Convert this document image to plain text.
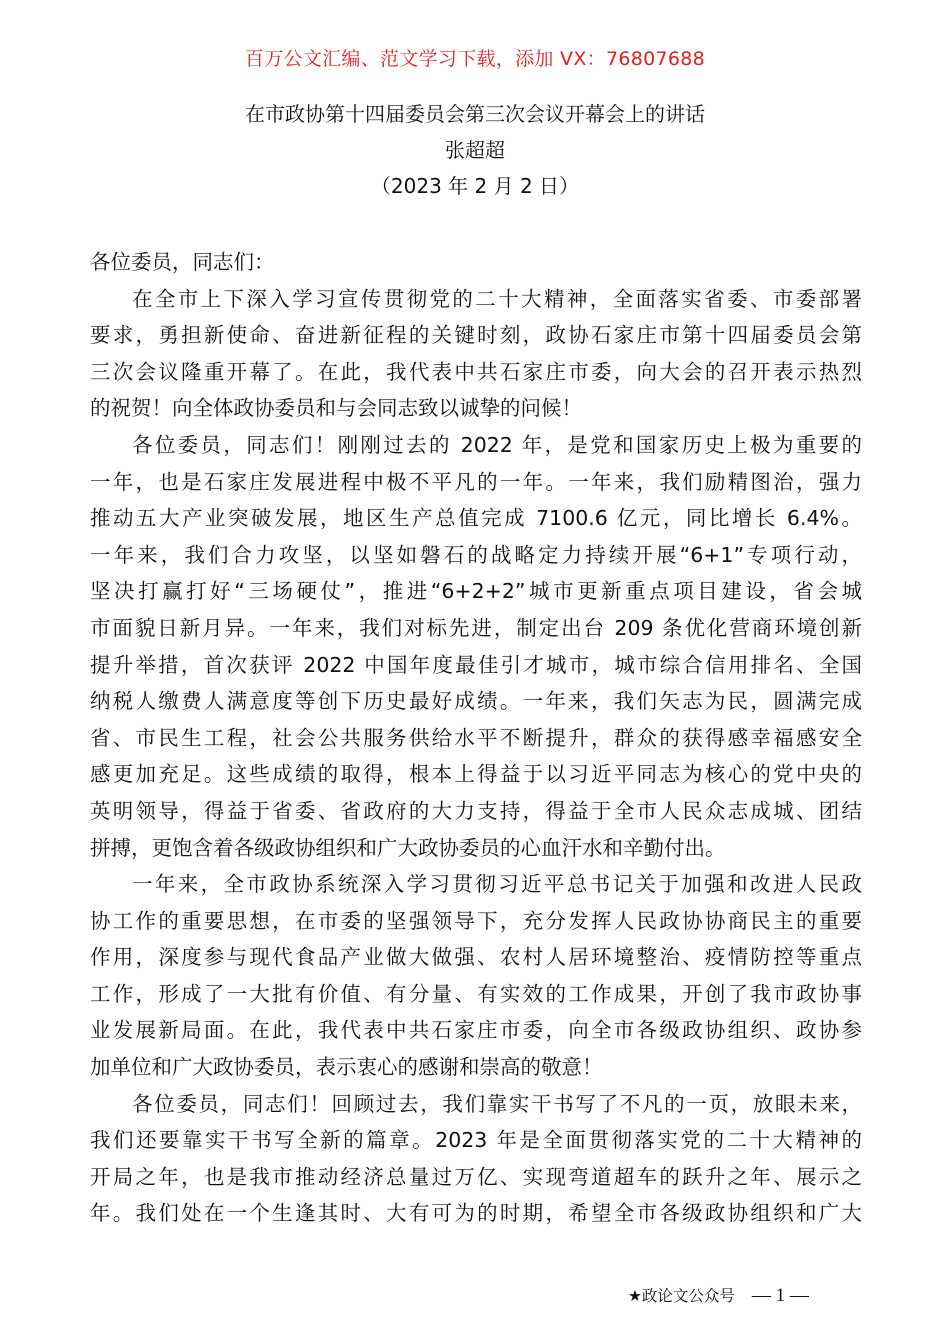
百万公文汇编、范文学习下载，添加 VX：76807688
在市政协第十四届委员会第三次会议开幕会上的讲话
张超超
（2023 年 2 月 2 日）
各位委员，同志们：
在全市上下深入学习宣传贯彻党的二十大精神，全面落实省委、市委部署
要求，勇担新使命、奋进新征程的关键时刻，政协石家庄市第十四届委员会第
三次会议隆重开幕了。在此，我代表中共石家庄市委，向大会的召开表示热烈
的祝贺！向全体政协委员和与会同志致以诚挚的问候！
各位委员，同志们！刚刚过去的 2022 年，是党和国家历史上极为重要的
一年，也是石家庄发展进程中极不平凡的一年。一年来，我们励精图治，强力
推动五大产业突破发展，地区生产总值完成 7100.6 亿元，同比增长 6.4%。
一年来，我们合力攻坚，以坚如磐石的战略定力持续开展“6+1”专项行动，
坚决打赢打好“三场硬仗”，推进“6+2+2”城市更新重点项目建设，省会城
市面貌日新月异。一年来，我们对标先进，制定出台 209 条优化营商环境创新
提升举措，首次获评 2022 中国年度最佳引才城市，城市综合信用排名、全国
纳税人缴费人满意度等创下历史最好成绩。一年来，我们矢志为民，圆满完成
省、市民生工程，社会公共服务供给水平不断提升，群众的获得感幸福感安全
感更加充足。这些成绩的取得，根本上得益于以习近平同志为核心的党中央的
英明领导，得益于省委、省政府的大力支持，得益于全市人民众志成城、团结
拼搏，更饱含着各级政协组织和广大政协委员的心血汗水和辛勤付出。
一年来，全市政协系统深入学习贯彻习近平总书记关于加强和改进人民政
协工作的重要思想，在市委的坚强领导下，充分发挥人民政协协商民主的重要
作用，深度参与现代食品产业做大做强、农村人居环境整治、疫情防控等重点
工作，形成了一大批有价值、有分量、有实效的工作成果，开创了我市政协事
业发展新局面。在此，我代表中共石家庄市委，向全市各级政协组织、政协参
加单位和广大政协委员，表示衷心的感谢和崇高的敬意！
各位委员，同志们！回顾过去，我们靠实干书写了不凡的一页，放眼未来，
我们还要靠实干书写全新的篇章。2023 年是全面贯彻落实党的二十大精神的
开局之年，也是我市推动经济总量过万亿、实现弯道超车的跃升之年、展示之
年。我们处在一个生逢其时、大有可为的时期，希望全市各级政协组织和广大
★政论文公众号 — 1 —
